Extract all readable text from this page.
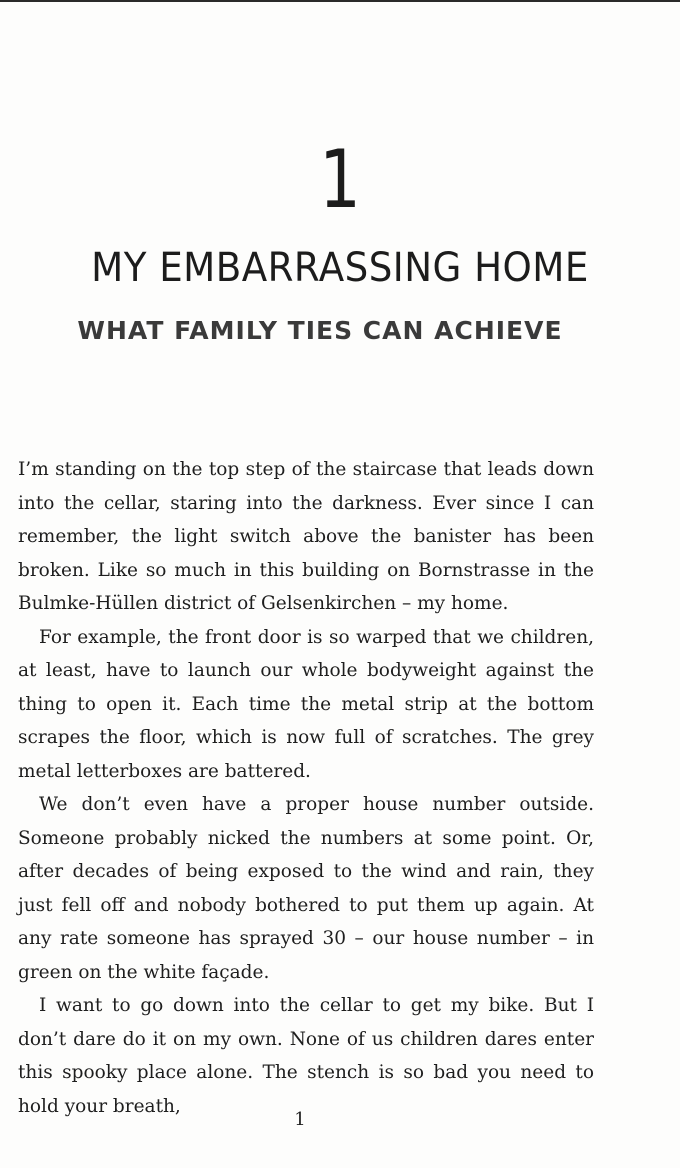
1
MY EMBARRASSING HOME
WHAT FAMILY TIES CAN ACHIEVE

I’m standing on the top step of the staircase that leads down into the cellar, staring into the darkness. Ever since I can remember, the light switch above the banister has been broken. Like so much in this building on Bornstrasse in the Bulmke-Hüllen district of Gelsenkirchen – my home.

For example, the front door is so warped that we children, at least, have to launch our whole bodyweight against the thing to open it. Each time the metal strip at the bottom scrapes the floor, which is now full of scratches. The grey metal letterboxes are battered.

We don’t even have a proper house number outside. Someone probably nicked the numbers at some point. Or, after decades of being exposed to the wind and rain, they just fell off and nobody bothered to put them up again. At any rate someone has sprayed 30 – our house number – in green on the white façade.

I want to go down into the cellar to get my bike. But I don’t dare do it on my own. None of us children dares enter this spooky place alone. The stench is so bad you need to hold your breath,

1
